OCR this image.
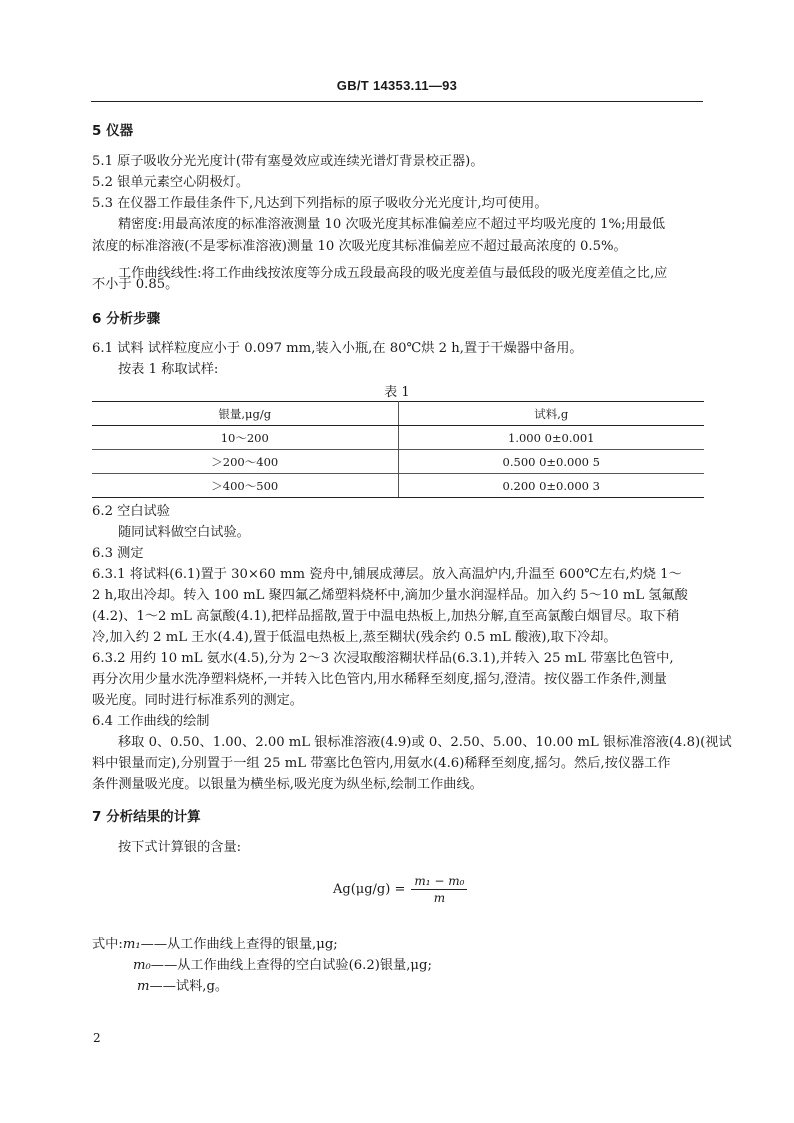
GB/T 14353.11—93
5 仪器
5.1 原子吸收分光光度计(带有塞曼效应或连续光谱灯背景校正器)。
5.2 银单元素空心阴极灯。
5.3 在仪器工作最佳条件下,凡达到下列指标的原子吸收分光光度计,均可使用。
精密度:用最高浓度的标准溶液测量 10 次吸光度其标准偏差应不超过平均吸光度的 1%;用最低
浓度的标准溶液(不是零标准溶液)测量 10 次吸光度其标准偏差应不超过最高浓度的 0.5%。
工作曲线线性:将工作曲线按浓度等分成五段最高段的吸光度差值与最低段的吸光度差值之比,应
不小于 0.85。
6 分析步骤
6.1 试料 试样粒度应小于 0.097 mm,装入小瓶,在 80℃烘 2 h,置于干燥器中备用。
按表 1 称取试样:
表 1
银量,μg/g	试料,g
10～200	1.000 0±0.001
＞200～400	0.500 0±0.000 5
＞400～500	0.200 0±0.000 3
6.2 空白试验
随同试料做空白试验。
6.3 测定
6.3.1 将试料(6.1)置于 30×60 mm 瓷舟中,铺展成薄层。放入高温炉内,升温至 600℃左右,灼烧 1～
2 h,取出冷却。转入 100 mL 聚四氟乙烯塑料烧杯中,滴加少量水润湿样品。加入约 5～10 mL 氢氟酸
(4.2)、1～2 mL 高氯酸(4.1),把样品摇散,置于中温电热板上,加热分解,直至高氯酸白烟冒尽。取下稍
冷,加入约 2 mL 王水(4.4),置于低温电热板上,蒸至糊状(残余约 0.5 mL 酸液),取下冷却。
6.3.2 用约 10 mL 氨水(4.5),分为 2～3 次浸取酸溶糊状样品(6.3.1),并转入 25 mL 带塞比色管中,
再分次用少量水洗净塑料烧杯,一并转入比色管内,用水稀释至刻度,摇匀,澄清。按仪器工作条件,测量
吸光度。同时进行标准系列的测定。
6.4 工作曲线的绘制
移取 0、0.50、1.00、2.00 mL 银标准溶液(4.9)或 0、2.50、5.00、10.00 mL 银标准溶液(4.8)(视试
料中银量而定),分别置于一组 25 mL 带塞比色管内,用氨水(4.6)稀释至刻度,摇匀。然后,按仪器工作
条件测量吸光度。以银量为横坐标,吸光度为纵坐标,绘制工作曲线。
7 分析结果的计算
按下式计算银的含量:
$Ag(\mu g/g) = \frac{\text{m₁ − m₀}}{m}$
式中:m₁——从工作曲线上查得的银量,μg;
m₀——从工作曲线上查得的空白试验(6.2)银量,μg;
m——试料,g。
2
